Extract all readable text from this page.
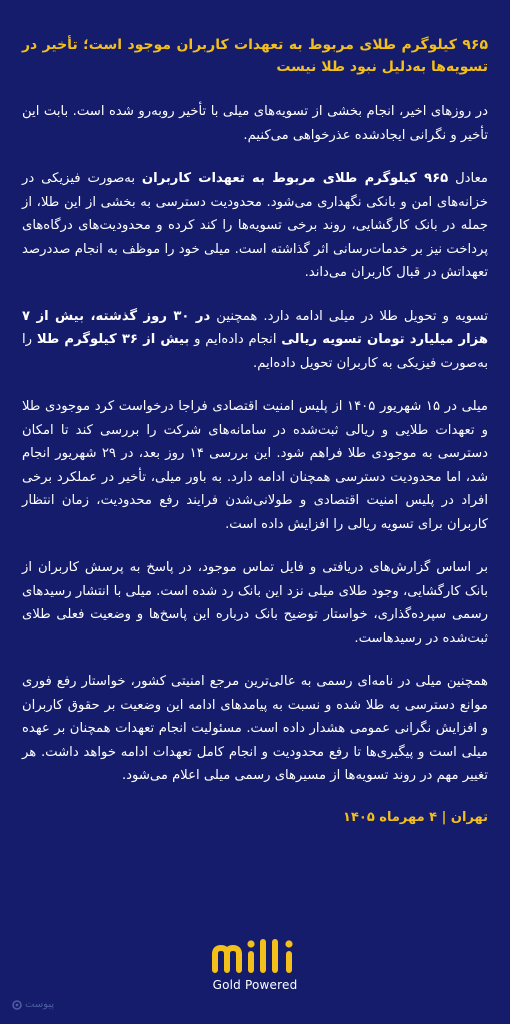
۹۶۵ کیلوگرم طلای مربوط به تعهدات کاربران موجود است؛ تأخیر در تسویه‌ها به‌دلیل نبود طلا نیست

در روزهای اخیر، انجام بخشی از تسویه‌های میلی با تأخیر روبه‌رو شده است. بابت این تأخیر و نگرانی ایجادشده عذرخواهی می‌کنیم.

معادل ۹۶۵ کیلوگرم طلای مربوط به تعهدات کاربران به‌صورت فیزیکی در خزانه‌های امن و بانکی نگهداری می‌شود. محدودیت دسترسی به بخشی از این طلا، از جمله در بانک کارگشایی، روند برخی تسویه‌ها را کند کرده و محدودیت‌های درگاه‌های پرداخت نیز بر خدمات‌رسانی اثر گذاشته است. میلی خود را موظف به انجام صددرصد تعهداتش در قبال کاربران می‌داند.

تسویه و تحویل طلا در میلی ادامه دارد. همچنین در ۳۰ روز گذشته، بیش از ۷ هزار میلیارد تومان تسویه ریالی انجام داده‌ایم و بیش از ۳۶ کیلوگرم طلا را به‌صورت فیزیکی به کاربران تحویل داده‌ایم.

میلی در ۱۵ شهریور ۱۴۰۵ از پلیس امنیت اقتصادی فراجا درخواست کرد موجودی طلا و تعهدات طلایی و ریالی ثبت‌شده در سامانه‌های شرکت را بررسی کند تا امکان دسترسی به موجودی طلا فراهم شود. این بررسی ۱۴ روز بعد، در ۲۹ شهریور انجام شد، اما محدودیت دسترسی همچنان ادامه دارد. به باور میلی، تأخیر در عملکرد برخی افراد در پلیس امنیت اقتصادی و طولانی‌شدن فرایند رفع محدودیت، زمان انتظار کاربران برای تسویه ریالی را افزایش داده است.

بر اساس گزارش‌های دریافتی و فایل تماس موجود، در پاسخ به پرسش کاربران از بانک کارگشایی، وجود طلای میلی نزد این بانک رد شده است. میلی با انتشار رسیدهای رسمی سپرده‌گذاری، خواستار توضیح بانک درباره این پاسخ‌ها و وضعیت فعلی طلای ثبت‌شده در رسیدهاست.

همچنین میلی در نامه‌ای رسمی به عالی‌ترین مرجع امنیتی کشور، خواستار رفع فوری موانع دسترسی به طلا شده و نسبت به پیامدهای ادامه این وضعیت بر حقوق کاربران و افزایش نگرانی عمومی هشدار داده است. مسئولیت انجام تعهدات همچنان بر عهده میلی است و پیگیری‌ها تا رفع محدودیت و انجام کامل تعهدات ادامه خواهد داشت. هر تغییر مهم در روند تسویه‌ها از مسیرهای رسمی میلی اعلام می‌شود.

تهران | ۴ مهرماه ۱۴۰۵
Gold Powered
پیوست
